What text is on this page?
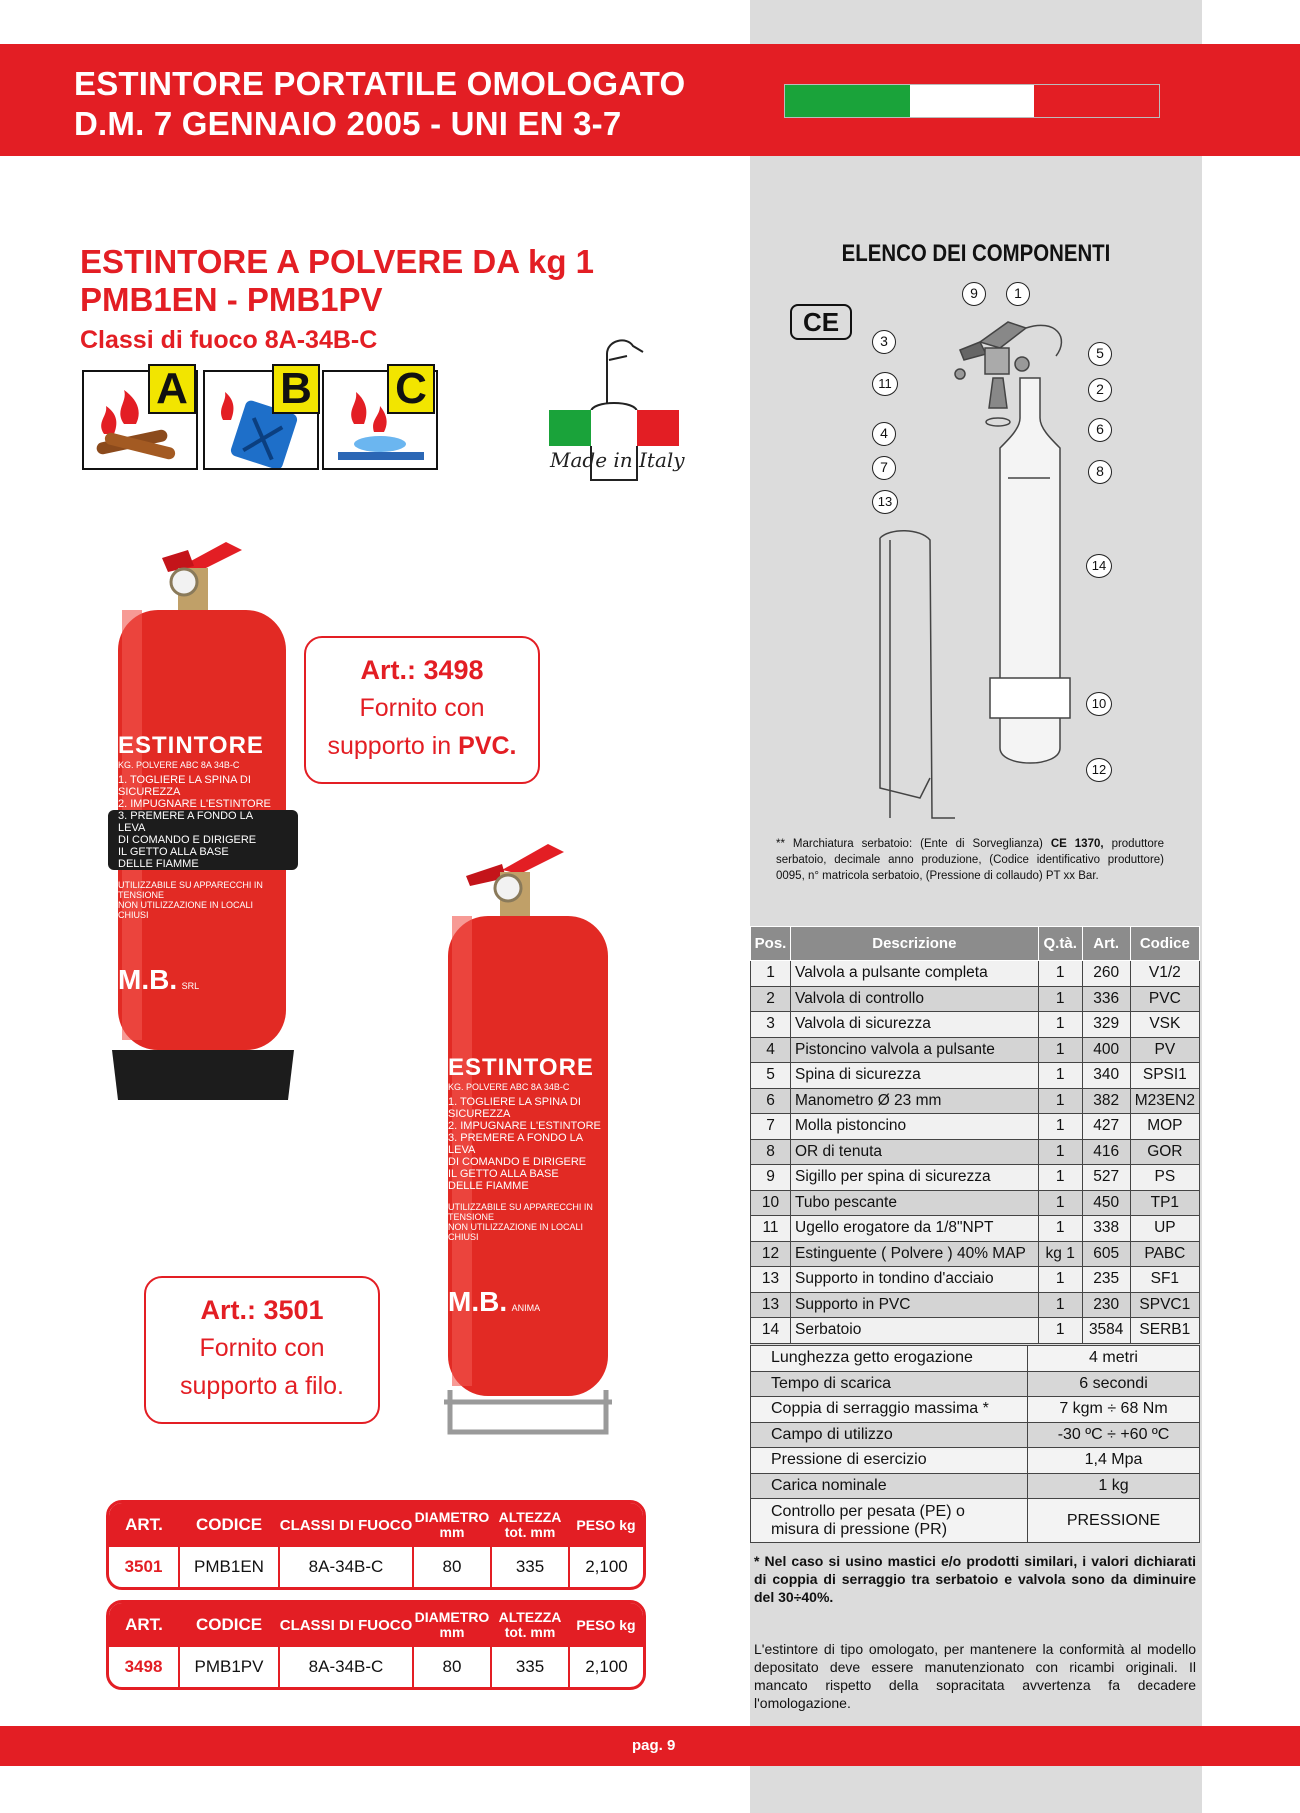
ESTINTORE PORTATILE OMOLOGATO
D.M. 7 GENNAIO 2005 - UNI EN 3-7
ESTINTORE A POLVERE DA kg 1
PMB1EN - PMB1PV
Classi di fuoco 8A-34B-C
A B C
Made in Italy
ESTINTORE
KG. POLVERE ABC 8A 34B-C
1. TOGLIERE LA SPINA DI
SICUREZZA
2. IMPUGNARE L'ESTINTORE
3. PREMERE A FONDO LA LEVA
DI COMANDO E DIRIGERE
IL GETTO ALLA BASE
DELLE FIAMME
UTILIZZABILE SU APPARECCHI IN TENSIONE
NON UTILIZZAZIONE IN LOCALI CHIUSI
M.B. SRL
ESTINTORE
KG. POLVERE ABC 8A 34B-C
1. TOGLIERE LA SPINA DI
SICUREZZA
2. IMPUGNARE L'ESTINTORE
3. PREMERE A FONDO LA LEVA
DI COMANDO E DIRIGERE
IL GETTO ALLA BASE
DELLE FIAMME
UTILIZZABILE SU APPARECCHI IN TENSIONE
NON UTILIZZAZIONE IN LOCALI CHIUSI
M.B. ANIMA
Art.: 3498
Fornito con
supporto in PVC.
Art.: 3501
Fornito con
supporto a filo.
ART.	CODICE	CLASSI DI FUOCO	DIAMETRO mm	ALTEZZA tot. mm	PESO kg
3501	PMB1EN	8A-34B-C	80	335	2,100
ART.	CODICE	CLASSI DI FUOCO	DIAMETRO mm	ALTEZZA tot. mm	PESO kg
3498	PMB1PV	8A-34B-C	80	335	2,100
ELENCO DEI COMPONENTI
CE
9	1
3
5
11	2
4	6
7	8
13
14
10
12
** Marchiatura serbatoio: (Ente di Sorveglianza) CE 1370, produttore serbatoio, decimale anno produzione, (Codice identificativo produttore) 0095, n° matricola serbatoio, (Pressione di collaudo) PT xx Bar.
Pos.	Descrizione	Q.tà.	Art.	Codice
1	Valvola a pulsante completa	1	260	V1/2
2	Valvola di controllo	1	336	PVC
3	Valvola di sicurezza	1	329	VSK
4	Pistoncino valvola a pulsante	1	400	PV
5	Spina di sicurezza	1	340	SPSI1
6	Manometro Ø 23 mm	1	382	M23EN2
7	Molla pistoncino	1	427	MOP
8	OR di tenuta	1	416	GOR
9	Sigillo per spina di sicurezza	1	527	PS
10	Tubo pescante	1	450	TP1
11	Ugello erogatore da 1/8"NPT	1	338	UP
12	Estinguente ( Polvere ) 40% MAP	kg 1	605	PABC
13	Supporto in tondino d'acciaio	1	235	SF1
13	Supporto in PVC	1	230	SPVC1
14	Serbatoio	1	3584	SERB1
Lunghezza getto erogazione	4 metri
Tempo di scarica	6 secondi
Coppia di serraggio massima *	7 kgm ÷ 68 Nm
Campo di utilizzo	-30 ºC ÷ +60 ºC
Pressione di esercizio	1,4 Mpa
Carica nominale	1 kg
Controllo per pesata (PE) o misura di pressione (PR)	PRESSIONE
* Nel caso si usino mastici e/o prodotti similari, i valori dichiarati di coppia di serraggio tra serbatoio e valvola sono da diminuire del 30÷40%.
L'estintore di tipo omologato, per mantenere la conformità al modello depositato deve essere manutenzionato con ricambi originali. Il mancato rispetto della sopracitata avvertenza fa decadere l'omologazione.
pag. 9
